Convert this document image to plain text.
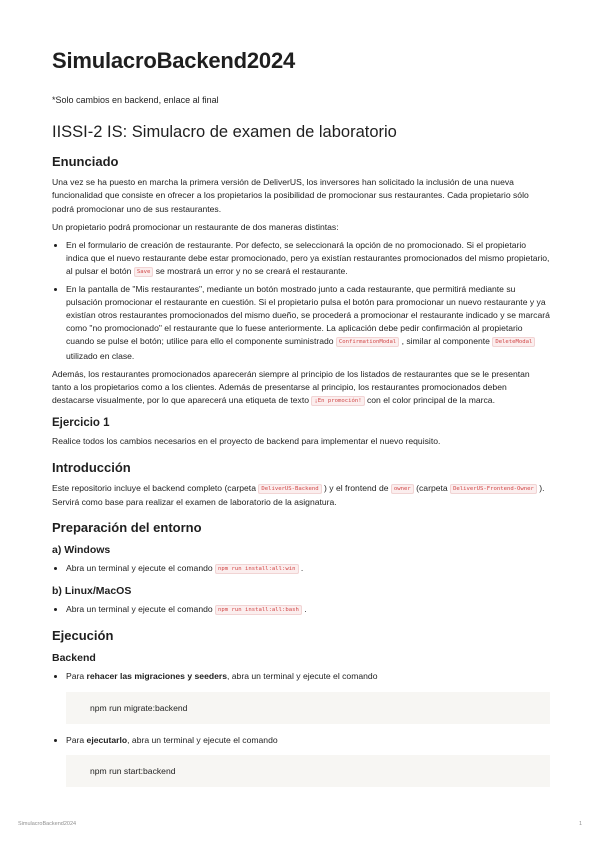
SimulacroBackend2024

*Solo cambios en backend, enlace al final

IISSI-2 IS: Simulacro de examen de laboratorio
Enunciado

Una vez se ha puesto en marcha la primera versión de DeliverUS, los inversores han solicitado la inclusión de una nueva funcionalidad que consiste en ofrecer a los propietarios la posibilidad de promocionar sus restaurantes. Cada propietario sólo podrá promocionar uno de sus restaurantes.

Un propietario podrá promocionar un restaurante de dos maneras distintas:

• En el formulario de creación de restaurante. Por defecto, se seleccionará la opción de no promocionado. Si el propietario indica que el nuevo restaurante debe estar promocionado, pero ya existían restaurantes promocionados del mismo propietario, al pulsar el botón Save se mostrará un error y no se creará el restaurante.
• En la pantalla de "Mis restaurantes", mediante un botón mostrado junto a cada restaurante, que permitirá mediante su pulsación promocionar el restaurante en cuestión. Si el propietario pulsa el botón para promocionar un nuevo restaurante y ya existían otros restaurantes promocionados del mismo dueño, se procederá a promocionar el restaurante indicado y se marcará como "no promocionado" el restaurante que lo fuese anteriormente. La aplicación debe pedir confirmación al propietario cuando se pulse el botón; utilice para ello el componente suministrado ConfirmationModal , similar al componente DeleteModal utilizado en clase.

Además, los restaurantes promocionados aparecerán siempre al principio de los listados de restaurantes que se le presentan tanto a los propietarios como a los clientes. Además de presentarse al principio, los restaurantes promocionados deben destacarse visualmente, por lo que aparecerá una etiqueta de texto ¡En promoción! con el color principal de la marca.

Ejercicio 1

Realice todos los cambios necesarios en el proyecto de backend para implementar el nuevo requisito.

Introducción

Este repositorio incluye el backend completo (carpeta DeliverUS-Backend ) y el frontend de owner (carpeta DeliverUS-Frontend-Owner ). Servirá como base para realizar el examen de laboratorio de la asignatura.

Preparación del entorno
a) Windows
• Abra un terminal y ejecute el comando npm run install:all:win .
b) Linux/MacOS
• Abra un terminal y ejecute el comando npm run install:all:bash .
Ejecución
Backend
• Para rehacer las migraciones y seeders, abra un terminal y ejecute el comando
npm run migrate:backend
• Para ejecutarlo, abra un terminal y ejecute el comando
npm run start:backend
SimulacroBackend2024	1
